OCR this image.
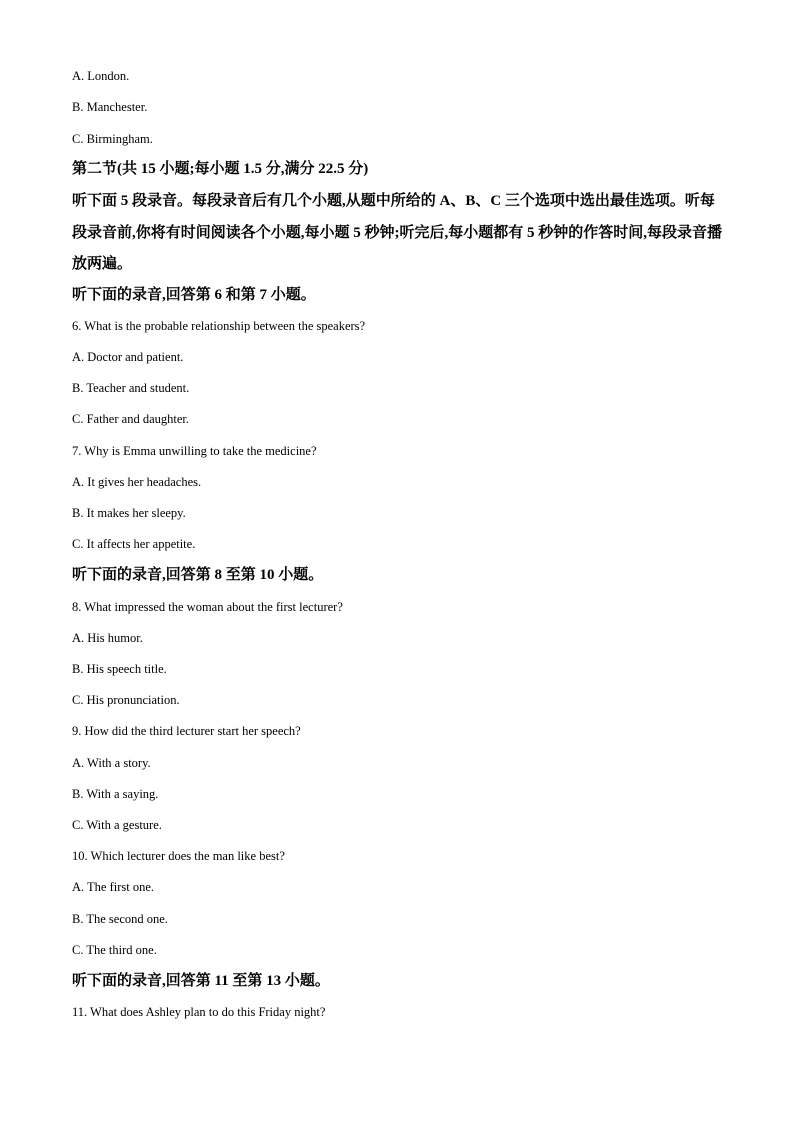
A. London.
B. Manchester.
C. Birmingham.
第二节(共 15 小题;每小题 1.5 分,满分 22.5 分)
听下面 5 段录音。每段录音后有几个小题,从题中所给的 A、B、C 三个选项中选出最佳选项。听每段录音前,你将有时间阅读各个小题,每小题 5 秒钟;听完后,每小题都有 5 秒钟的作答时间,每段录音播放两遍。
听下面的录音,回答第 6 和第 7 小题。
6. What is the probable relationship between the speakers?
A. Doctor and patient.
B. Teacher and student.
C. Father and daughter.
7. Why is Emma unwilling to take the medicine?
A. It gives her headaches.
B. It makes her sleepy.
C. It affects her appetite.
听下面的录音,回答第 8 至第 10 小题。
8. What impressed the woman about the first lecturer?
A. His humor.
B. His speech title.
C. His pronunciation.
9. How did the third lecturer start her speech?
A. With a story.
B. With a saying.
C. With a gesture.
10. Which lecturer does the man like best?
A. The first one.
B. The second one.
C. The third one.
听下面的录音,回答第 11 至第 13 小题。
11. What does Ashley plan to do this Friday night?
